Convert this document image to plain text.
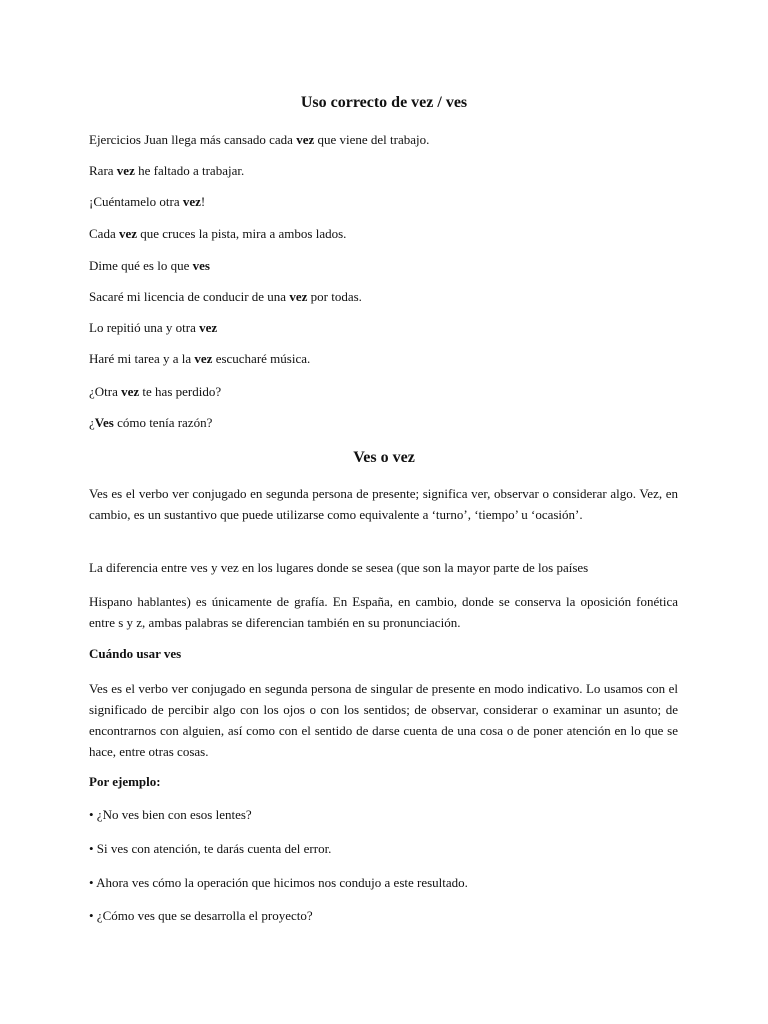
Uso correcto de vez / ves
Ejercicios Juan llega más cansado cada vez que viene del trabajo.
Rara vez he faltado a trabajar.
¡Cuéntamelo otra vez!
Cada vez que cruces la pista, mira a ambos lados.
Dime qué es lo que ves
Sacaré mi licencia de conducir de una vez por todas.
Lo repitió una y otra vez
Haré mi tarea y a la vez escucharé música.
¿Otra vez te has perdido?
¿Ves cómo tenía razón?
Ves o vez
Ves es el verbo ver conjugado en segunda persona de presente; significa ver, observar o considerar algo. Vez, en cambio, es un sustantivo que puede utilizarse como equivalente a ‘turno’, ‘tiempo’ u ‘ocasión’.
La diferencia entre ves y vez en los lugares donde se sesea (que son la mayor parte de los países
Hispano hablantes) es únicamente de grafía. En España, en cambio, donde se conserva la oposición fonética entre s y z, ambas palabras se diferencian también en su pronunciación.
Cuándo usar ves
Ves es el verbo ver conjugado en segunda persona de singular de presente en modo indicativo. Lo usamos con el significado de percibir algo con los ojos o con los sentidos; de observar, considerar o examinar un asunto; de encontrarnos con alguien, así como con el sentido de darse cuenta de una cosa o de poner atención en lo que se hace, entre otras cosas.
Por ejemplo:
• ¿No ves bien con esos lentes?
• Si ves con atención, te darás cuenta del error.
• Ahora ves cómo la operación que hicimos nos condujo a este resultado.
• ¿Cómo ves que se desarrolla el proyecto?
